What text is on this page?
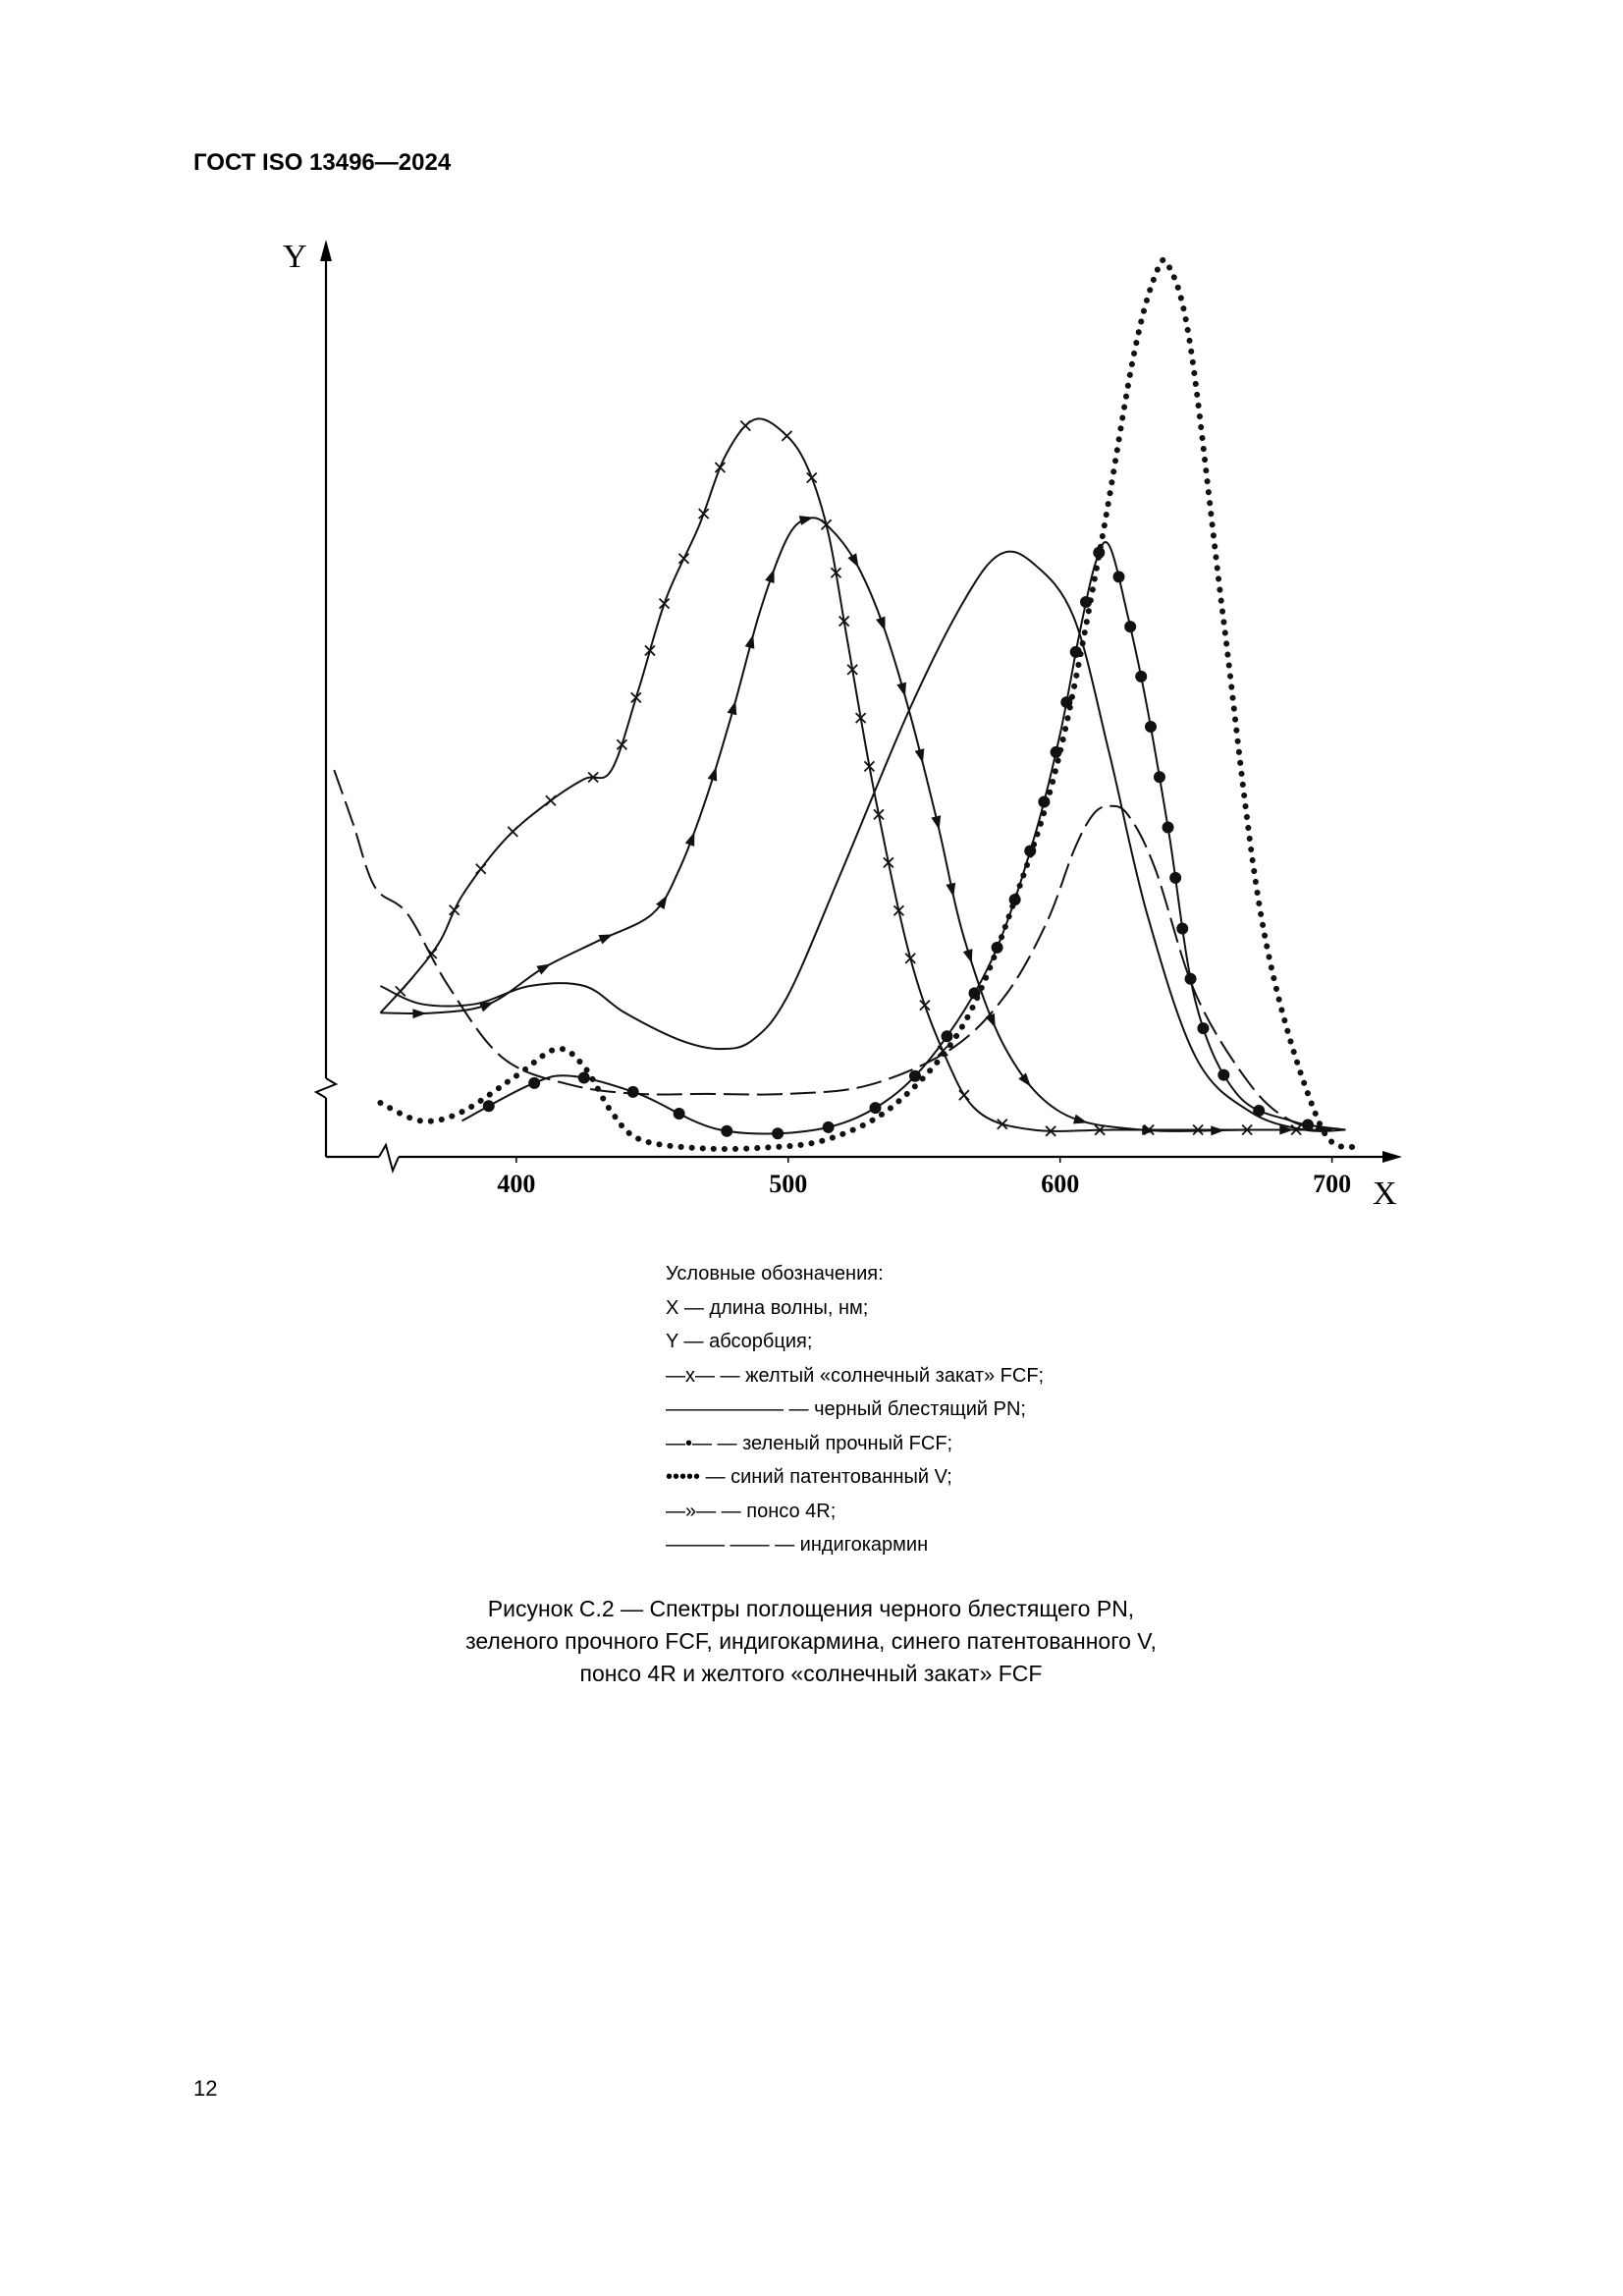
ГОСТ ISO 13496—2024
Y
X
400	500	600	700
Условные обозначения:
X — длина волны, нм;
Y — абсорбция;
—x— — желтый «солнечный закат» FCF;
—————— — черный блестящий PN;
—•— — зеленый прочный FCF;
••••• — синий патентованный V;
—»— — понсо 4R;
——— —— — индигокармин
Рисунок С.2 — Спектры поглощения черного блестящего PN,
зеленого прочного FCF, индигокармина, синего патентованного V,
понсо 4R и желтого «солнечный закат» FCF
12
